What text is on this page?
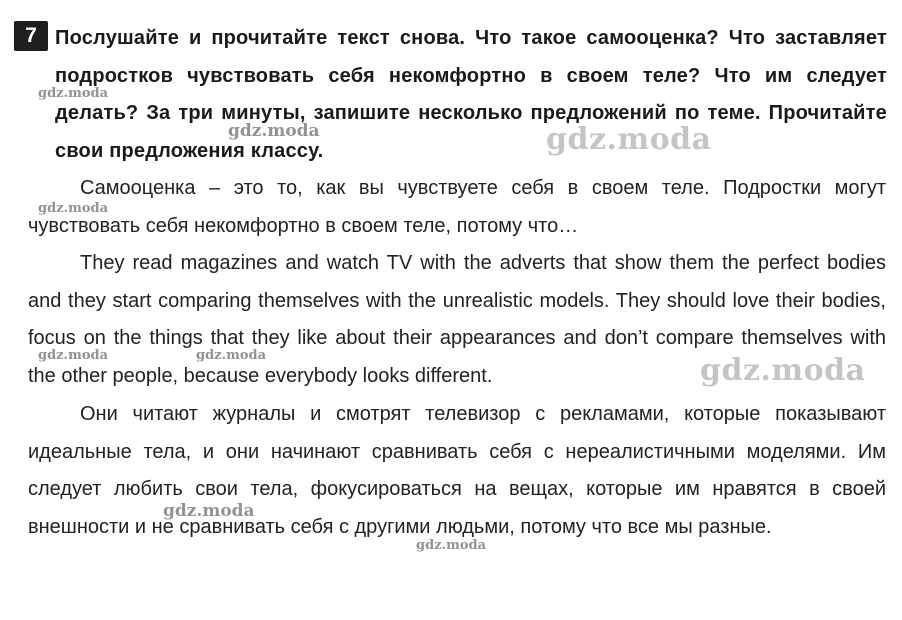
7 Послушайте и прочитайте текст снова. Что такое самооценка? Что заставляет подростков чувствовать себя некомфортно в своем теле? Что им следует делать? За три минуты, запишите несколько предложений по теме. Прочитайте свои предложения классу.
Самооценка – это то, как вы чувствуете себя в своем теле. Подростки могут чувствовать себя некомфортно в своем теле, потому что…
They read magazines and watch TV with the adverts that show them the perfect bodies and they start comparing themselves with the unrealistic models. They should love their bodies, focus on the things that they like about their appearances and don’t compare themselves with the other people, because everybody looks different.
Они читают журналы и смотрят телевизор с рекламами, которые показывают идеальные тела, и они начинают сравнивать себя с нереалистичными моделями. Им следует любить свои тела, фокусироваться на вещах, которые им нравятся в своей внешности и не сравнивать себя с другими людьми, потому что все мы разные.
gdz.moda
gdz.moda	gdz.moda
gdz.moda
gdz.moda	gdz.moda	gdz.moda
gdz.moda
gdz.moda
